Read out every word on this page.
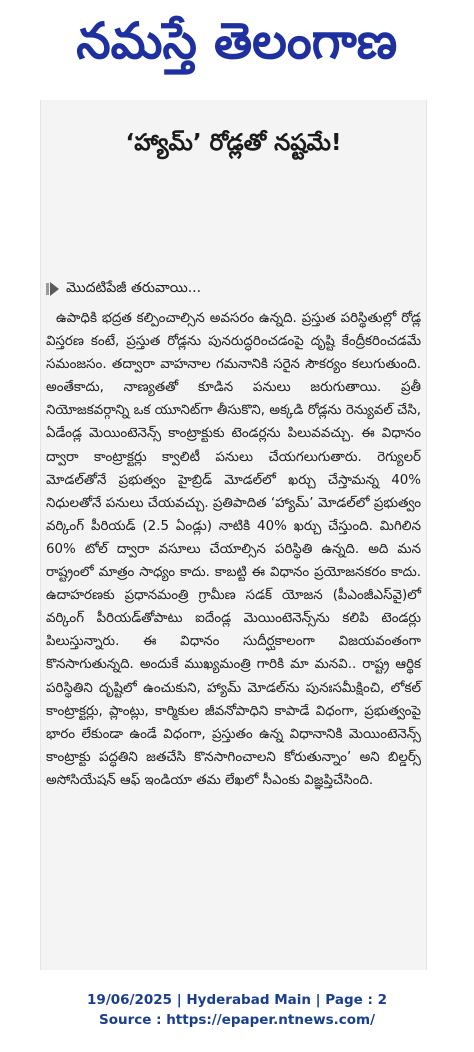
నమస్తే తెలంగాణ
‘హ్యామ్’ రోడ్లతో నష్టమే!
మొదటిపేజీ తరువాయి...

ఉపాధికి భద్రత కల్పించాల్సిన అవసరం ఉన్నది. ప్రస్తుత పరిస్థితుల్లో రోడ్ల విస్తరణ కంటే, ప్రస్తుత రోడ్లను పునరుద్ధరించడంపై దృష్టి కేంద్రీకరించడమే సమంజసం. తద్వారా వాహనాల గమనానికి సరైన సౌకర్యం కలుగుతుంది. అంతేకాదు, నాణ్యతతో కూడిన పనులు జరుగుతాయి. ప్రతీ నియోజకవర్గాన్ని ఒక యూనిట్‌గా తీసుకొని, అక్కడి రోడ్లను రెన్యువల్ చేసి, ఏడేండ్ల మెయింటెనెన్స్ కాంట్రాక్టుకు టెండర్లను పిలువవచ్చు. ఈ విధానం ద్వారా కాంట్రాక్టర్లు క్వాలిటీ పనులు చేయగలుగుతారు. రెగ్యులర్ మోడల్‌తోనే ప్రభుత్వం హైబ్రిడ్ మోడల్‌లో ఖర్చు చేస్తామన్న 40% నిధులతోనే పనులు చేయవచ్చు. ప్రతిపాదిత ‘హ్యామ్’ మోడల్‌లో ప్రభుత్వం వర్కింగ్ పీరియడ్ (2.5 ఏండ్లు) నాటికి 40% ఖర్చు చేస్తుంది. మిగిలిన 60% టోల్ ద్వారా వసూలు చేయాల్సిన పరిస్థితి ఉన్నది. అది మన రాష్ట్రంలో మాత్రం సాధ్యం కాదు. కాబట్టి ఈ విధానం ప్రయోజనకరం కాదు. ఉదాహరణకు ప్రధానమంత్రి గ్రామీణ సడక్ యోజన (పీఎంజీఎస్‌వై)లో వర్కింగ్ పీరియడ్‌తోపాటు ఐదేండ్ల మెయింటెనెన్స్‌ను కలిపి టెండర్లు పిలుస్తున్నారు. ఈ విధానం సుదీర్ఘకాలంగా విజయవంతంగా కొనసాగుతున్నది. అందుకే ముఖ్యమంత్రి గారికి మా మనవి.. రాష్ట్ర ఆర్థిక పరిస్థితిని దృష్టిలో ఉంచుకుని, హ్యామ్ మోడల్‌ను పునఃసమీక్షించి, లోకల్ కాంట్రాక్టర్లు, ప్లాంట్లు, కార్మికుల జీవనోపాధిని కాపాడే విధంగా, ప్రభుత్వంపై భారం లేకుండా ఉండే విధంగా, ప్రస్తుతం ఉన్న విధానానికి మెయింటెనెన్స్ కాంట్రాక్టు పద్ధతిని జతచేసి కొనసాగించాలని కోరుతున్నాం’ అని బిల్డర్స్ అసోసియేషన్ ఆఫ్ ఇండియా తమ లేఖలో సీఎంకు విజ్ఞప్తిచేసింది.

19/06/2025 | Hyderabad Main | Page : 2
Source : https://epaper.ntnews.com/
